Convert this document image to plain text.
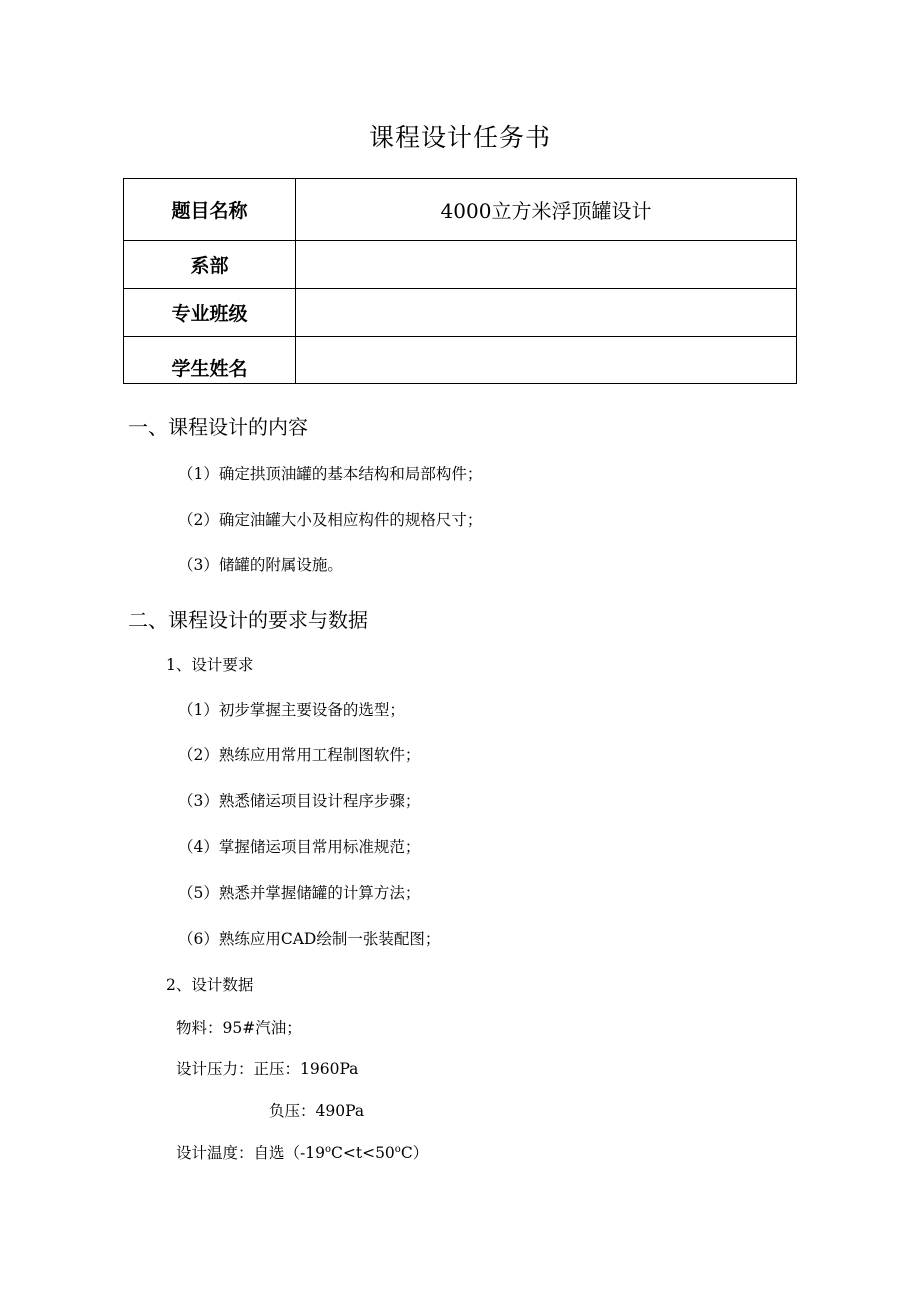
课程设计任务书
题目名称	4000立方米浮顶罐设计
系部	
专业班级	
学生姓名	
一、课程设计的内容
（1）确定拱顶油罐的基本结构和局部构件；
（2）确定油罐大小及相应构件的规格尺寸；
（3）储罐的附属设施。
二、课程设计的要求与数据
1、设计要求
（1）初步掌握主要设备的选型；
（2）熟练应用常用工程制图软件；
（3）熟悉储运项目设计程序步骤；
（4）掌握储运项目常用标准规范；
（5）熟悉并掌握储罐的计算方法；
（6）熟练应用CAD绘制一张装配图；
2、设计数据
物料：95#汽油；
设计压力：正压：1960Pa
负压：490Pa
设计温度：自选$(-19^oC<t<50^oC)$
